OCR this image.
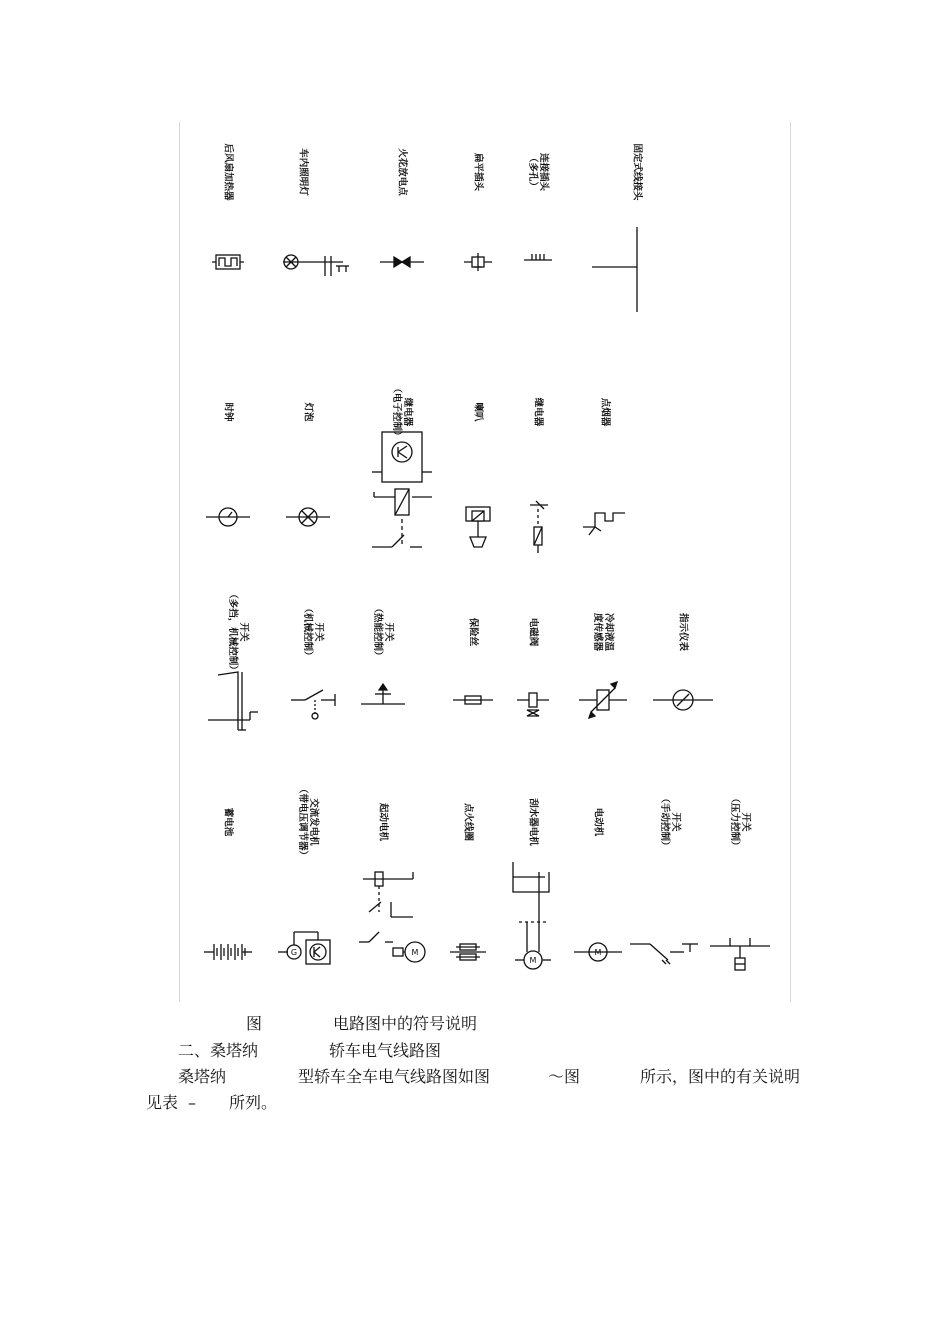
G	M
M
M
后风扇加热器	车内照明灯	火花放电点	扁平插头	连接插头
（多孔）	固定式线接头
时钟	灯泡	继电器
（电子控制）	喇叭	继电器	点烟器
开关
（多挡，机械控制）	开关
（机械控制）	开关
（热能控制）	保险丝	电磁阀	冷却液温
度传感器	指示仪表
蓄电池	交流发电机
（带电压调节器）	起动电机	点火线圈	刮水器电机	电动机	开关
（手动控制）	开关
（压力控制）
图	电路图中的符号说明
二、桑塔纳	轿车电气线路图
桑塔纳	型轿车全车电气线路图如图	～图	所示，图中的有关说明
见表 – 所列。
